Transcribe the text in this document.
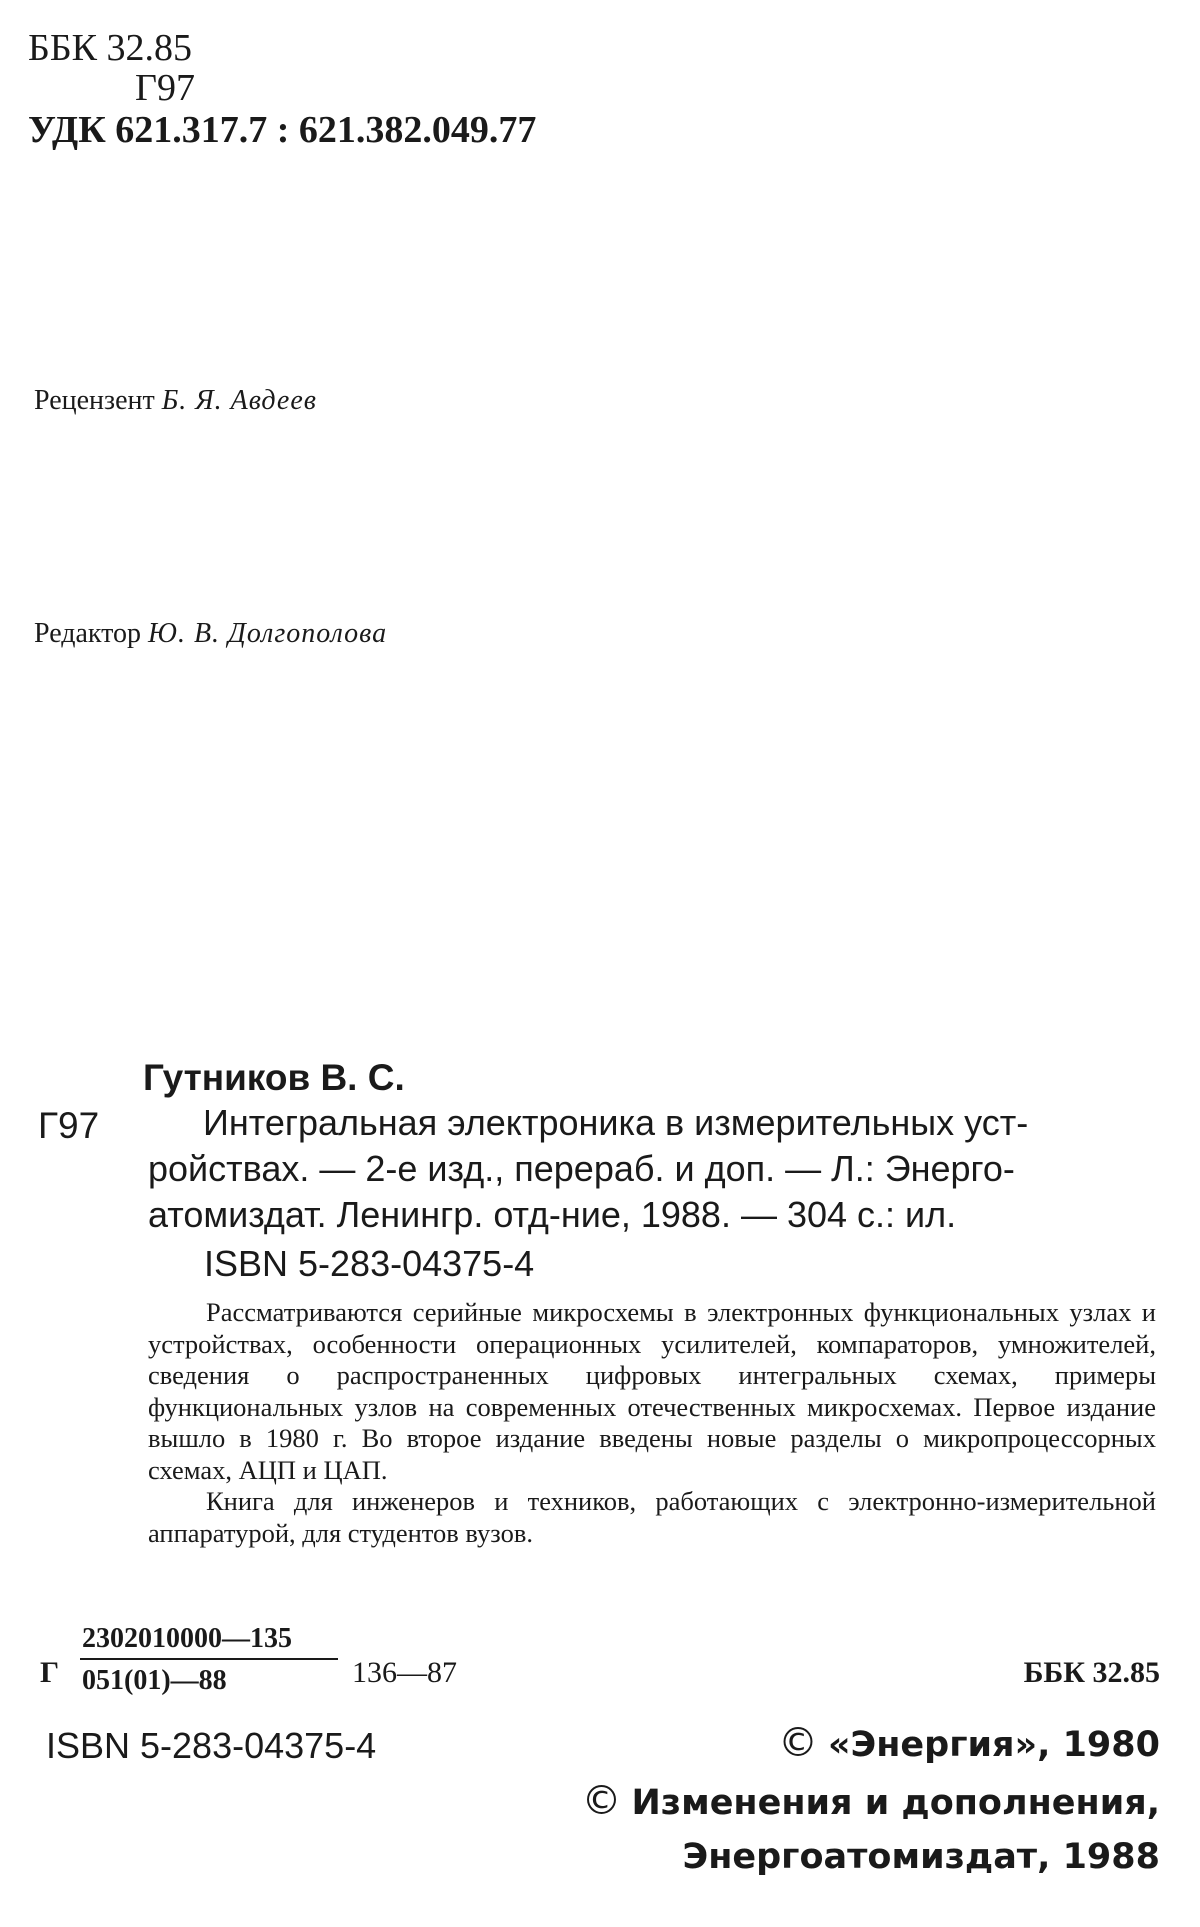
ББК 32.85
Г97
УДК 621.317.7 : 621.382.049.77
Рецензент Б. Я. Авдеев
Редактор Ю. В. Долгополова
Гутников В. С.
Г97	Интегральная электроника в измерительных уст-
ройствах. — 2-е изд., перераб. и доп. — Л.: Энерго-
атомиздат. Ленингр. отд-ние, 1988. — 304 с.: ил.
ISBN 5-283-04375-4

Рассматриваются серийные микросхемы в электронных функциональных узлах и устройствах, особенности операционных усилителей, компараторов, умножителей, сведения о распространенных цифровых интегральных схемах, примеры функциональных узлов на современных отечественных микросхемах. Первое издание вышло в 1980 г. Во второе издание введены новые разделы о микропроцессорных схемах, АЦП и ЦАП.

Книга для инженеров и техников, работающих с электронно-измерительной аппаратурой, для студентов вузов.

Г
2302010000—135
051(01)—88	136—87	ББК 32.85
ISBN 5-283-04375-4	© «Энергия», 1980
© Изменения и дополнения,
Энергоатомиздат, 1988
